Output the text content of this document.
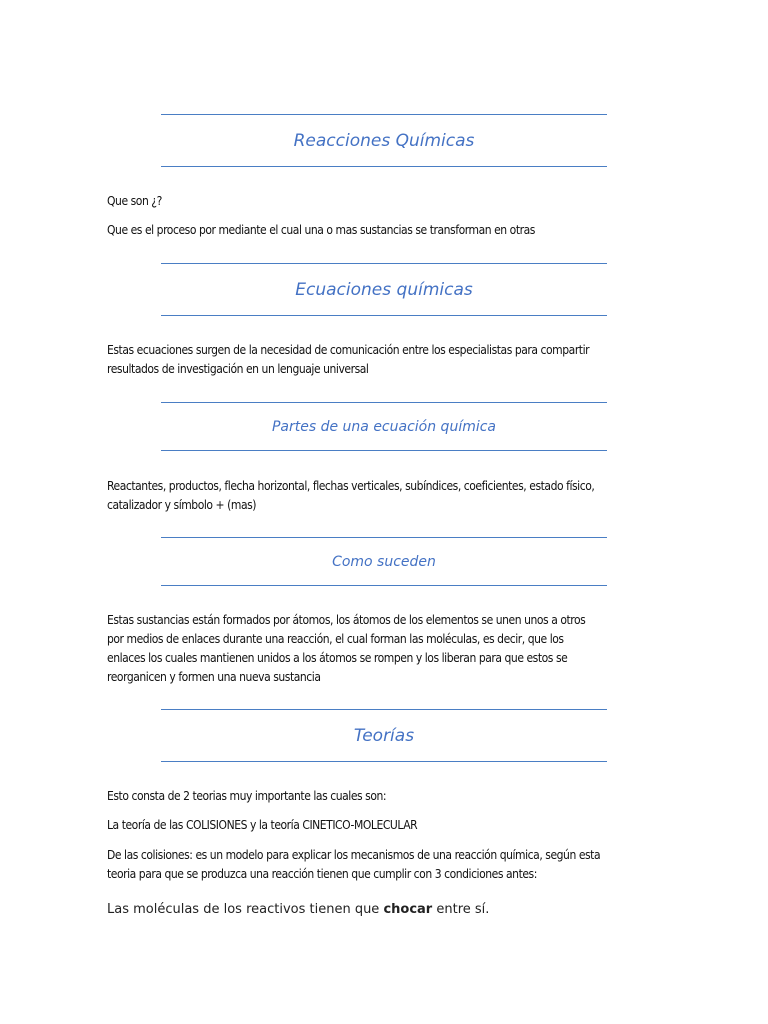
Reacciones Químicas
Que son ¿?
Que es el proceso por mediante el cual una o mas sustancias se transforman en otras
Ecuaciones químicas
Estas ecuaciones surgen de la necesidad de comunicación entre los especialistas para compartir
resultados de investigación en un lenguaje universal
Partes de una ecuación química
Reactantes, productos, flecha horizontal, flechas verticales, subíndices, coeficientes, estado físico,
catalizador y símbolo + (mas)
Como suceden
Estas sustancias están formados por átomos, los átomos de los elementos se unen unos a otros
por medios de enlaces durante una reacción, el cual forman las moléculas, es decir, que los
enlaces los cuales mantienen unidos a los átomos se rompen y los liberan para que estos se
reorganicen y formen una nueva sustancia
Teorías
Esto consta de 2 teorias muy importante las cuales son:
La teoría de las COLISIONES y la teoría CINETICO-MOLECULAR
De las colisiones: es un modelo para explicar los mecanismos de una reacción química, según esta
teoria para que se produzca una reacción tienen que cumplir con 3 condiciones antes:
Las moléculas de los reactivos tienen que chocar entre sí.
